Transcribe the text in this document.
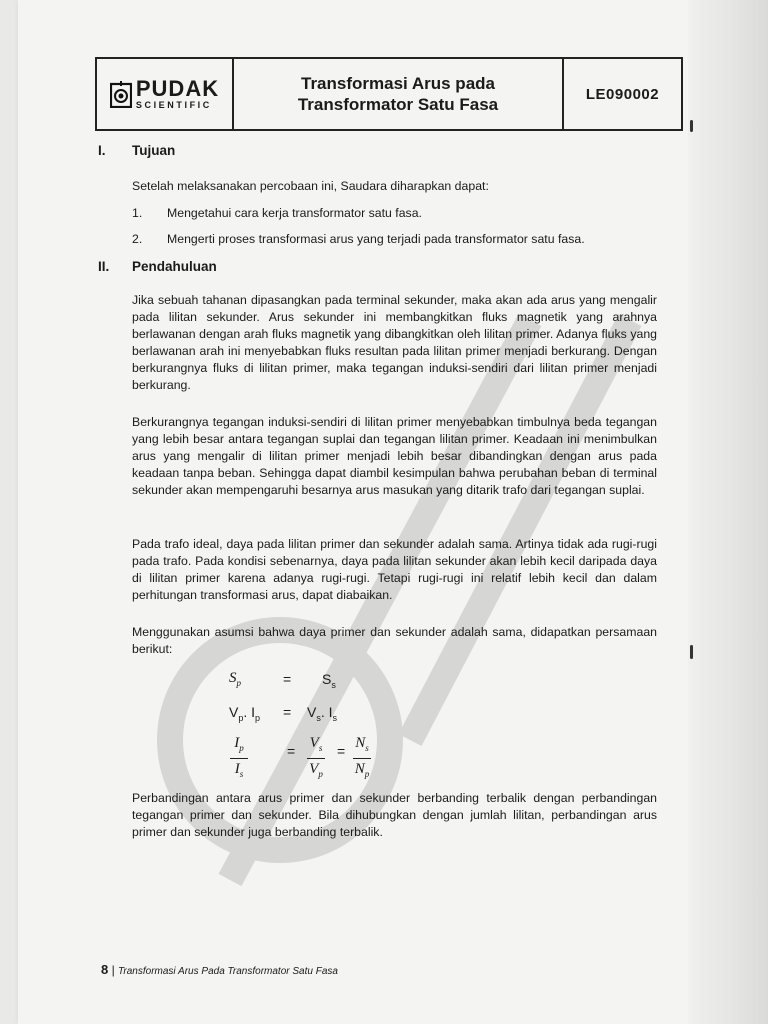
PUDAK
SCIENTIFIC
Transformasi Arus pada
Transformator Satu Fasa
LE090002
I. Tujuan
Setelah melaksanakan percobaan ini, Saudara diharapkan dapat:
1. Mengetahui cara kerja transformator satu fasa.
2. Mengerti proses transformasi arus yang terjadi pada transformator satu fasa.
II. Pendahuluan
Jika sebuah tahanan dipasangkan pada terminal sekunder, maka akan ada arus yang mengalir pada lilitan sekunder. Arus sekunder ini membangkitkan fluks magnetik yang arahnya berlawanan dengan arah fluks magnetik yang dibangkitkan oleh lilitan primer. Adanya fluks yang berlawanan arah ini menyebabkan fluks resultan pada lilitan primer menjadi berkurang. Dengan berkurangnya fluks di lilitan primer, maka tegangan induksi-sendiri dari lilitan primer menjadi berkurang.
Berkurangnya tegangan induksi-sendiri di lilitan primer menyebabkan timbulnya beda tegangan yang lebih besar antara tegangan suplai dan tegangan lilitan primer. Keadaan ini menimbulkan arus yang mengalir di lilitan primer menjadi lebih besar dibandingkan dengan arus pada keadaan tanpa beban. Sehingga dapat diambil kesimpulan bahwa perubahan beban di terminal sekunder akan mempengaruhi besarnya arus masukan yang ditarik trafo dari tegangan suplai.
Pada trafo ideal, daya pada lilitan primer dan sekunder adalah sama. Artinya tidak ada rugi-rugi pada trafo. Pada kondisi sebenarnya, daya pada lilitan sekunder akan lebih kecil daripada daya di lilitan primer karena adanya rugi-rugi. Tetapi rugi-rugi ini relatif lebih kecil dan dalam perhitungan transformasi arus, dapat diabaikan.
Menggunakan asumsi bahwa daya primer dan sekunder adalah sama, didapatkan persamaan berikut:
$S_p$	= $S_s$
$V_p$. $I_p = V_s$. $I_s$
$I_p$
$I_s$
= $V_s$
$V_p$
= $N_s$
$N_p$
Perbandingan antara arus primer dan sekunder berbanding terbalik dengan perbandingan tegangan primer dan sekunder. Bila dihubungkan dengan jumlah lilitan, perbandingan arus primer dan sekunder juga berbanding terbalik.
8 | Transformasi Arus Pada Transformator Satu Fasa
